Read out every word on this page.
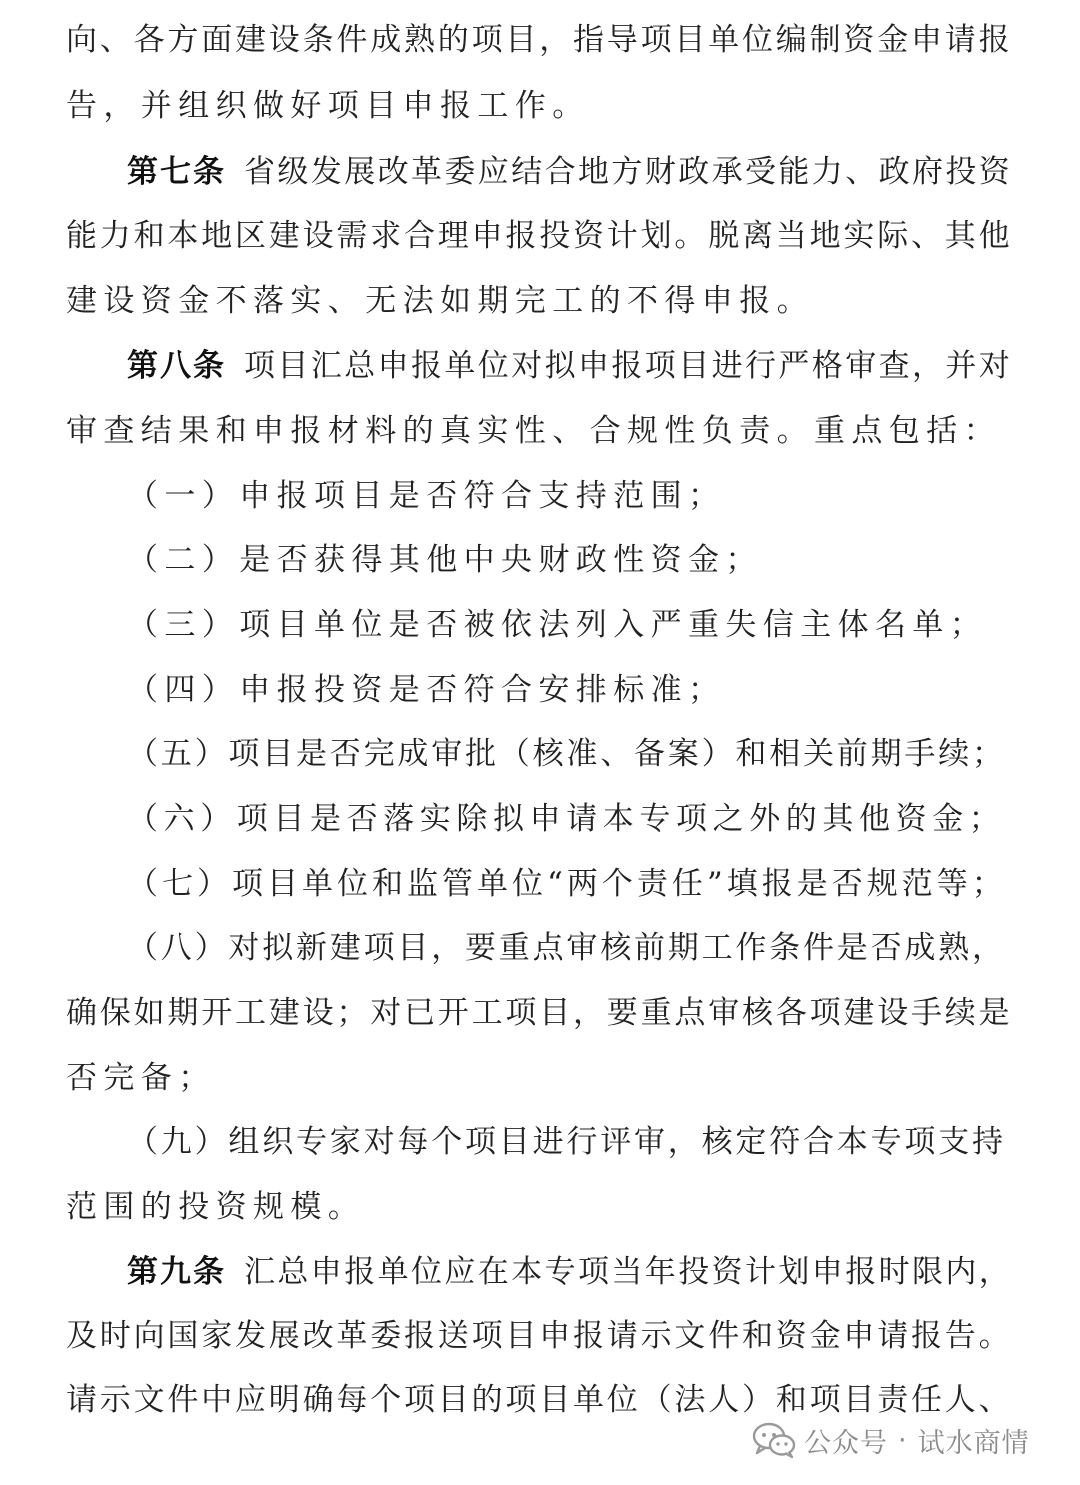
向、各方面建设条件成熟的项目，指导项目单位编制资金申请报
告，并组织做好项目申报工作。
第七条 省级发展改革委应结合地方财政承受能力、政府投资
能力和本地区建设需求合理申报投资计划。脱离当地实际、其他
建设资金不落实、无法如期完工的不得申报。
第八条 项目汇总申报单位对拟申报项目进行严格审查，并对
审查结果和申报材料的真实性、合规性负责。重点包括：
（一）申报项目是否符合支持范围；
（二）是否获得其他中央财政性资金；
（三）项目单位是否被依法列入严重失信主体名单；
（四）申报投资是否符合安排标准；
（五）项目是否完成审批（核准、备案）和相关前期手续；
（六）项目是否落实除拟申请本专项之外的其他资金；
（七）项目单位和监管单位“两个责任”填报是否规范等；
（八）对拟新建项目，要重点审核前期工作条件是否成熟，
确保如期开工建设；对已开工项目，要重点审核各项建设手续是
否完备；
（九）组织专家对每个项目进行评审，核定符合本专项支持
范围的投资规模。
第九条 汇总申报单位应在本专项当年投资计划申报时限内，
及时向国家发展改革委报送项目申报请示文件和资金申请报告。
请示文件中应明确每个项目的项目单位（法人）和项目责任人、
公众号 · 试水商情
